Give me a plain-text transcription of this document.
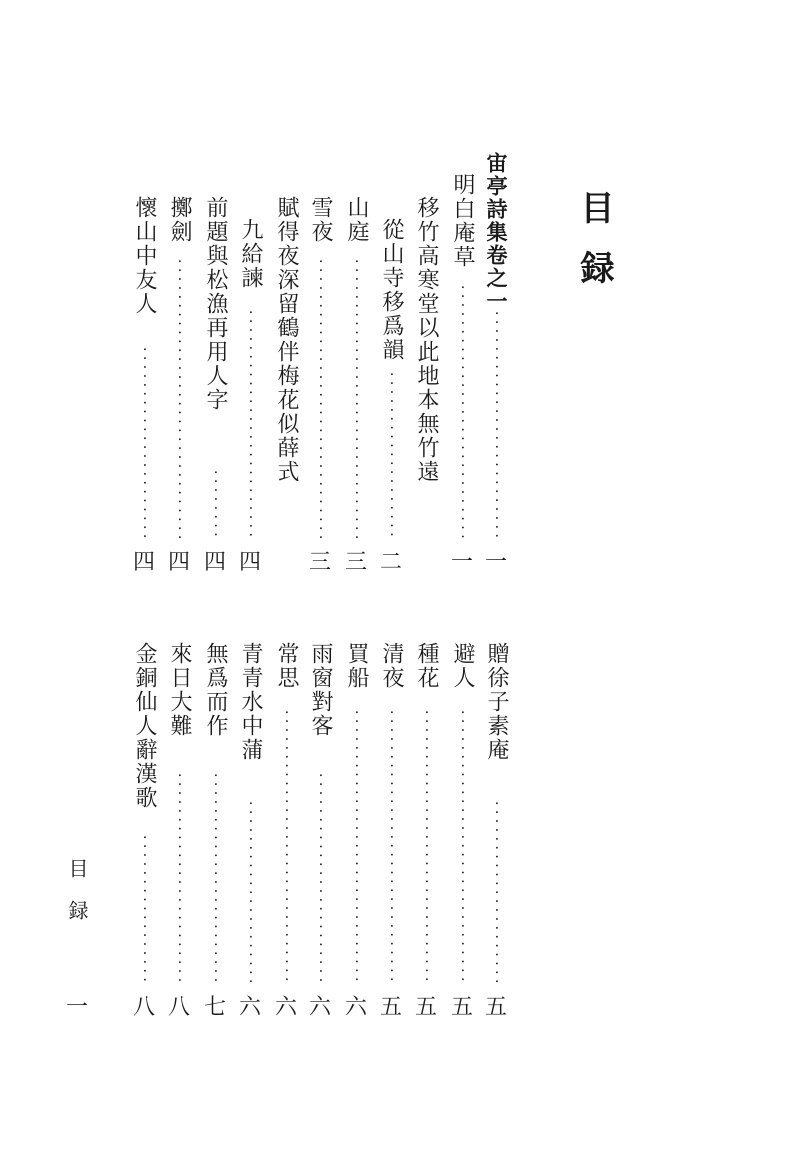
目録
宙亭詩集卷之一
· · ·
一
明白庵草
· · ·
一
移竹高寒堂以此地本無竹遠
從山寺移爲韻
· · ·
二
山庭
· · ·
三
雪夜
· · ·
三
賦得夜深留鶴伴梅花似薛式
九給諫
· · ·
四
前題與松漁再用人字
· · ·
四
擲劍
· · ·
四
懷山中友人
· · ·
四
贈徐子素庵
· · ·
五
避人
· · ·
五
種花
· · ·
五
清夜
· · ·
五
買船
· · ·
六
雨窗對客
· · ·
六
常思
· · ·
六
青青水中蒲
· · ·
六
無爲而作
· · ·
七
來日大難
· · ·
八
金銅仙人辭漢歌
· · ·
八
目録
一
